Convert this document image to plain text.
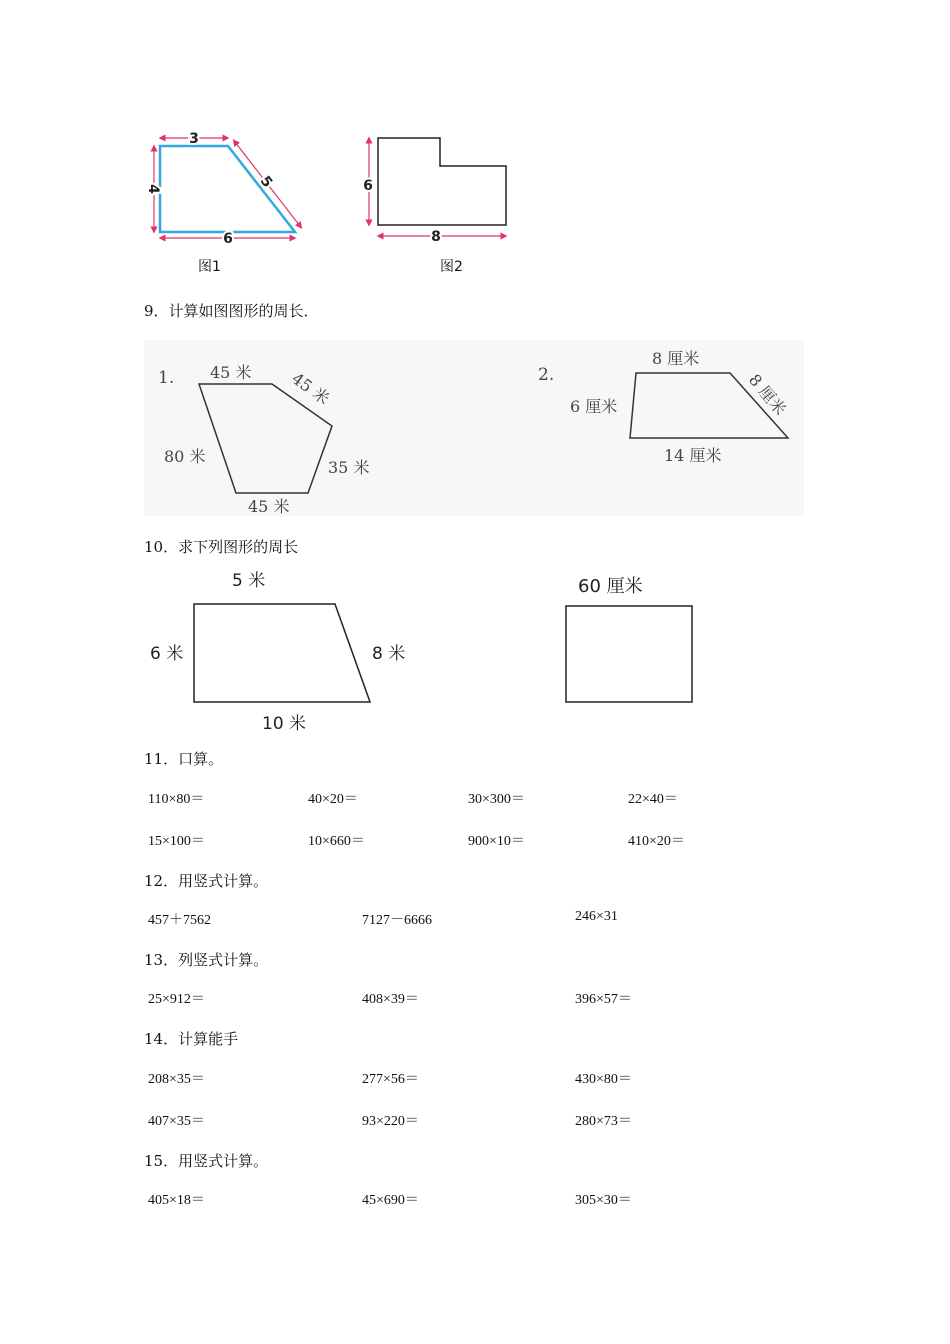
3
4	5
6
6
8
图1	图2
9．计算如图图形的周长．
1. 45 米 45 米
80 米
35 米
45 米
2.
8 厘米
8 厘米
6 厘米
14 厘米
10．求下列图形的周长
5 米
6 米	8 米
10 米
60 厘米
11．口算。
110×80＝	40×20＝	30×300＝	22×40＝
15×100＝	10×660＝	900×10＝	410×20＝
12．用竖式计算。
457＋7562	7127－6666	246×31
13．列竖式计算。
25×912＝	408×39＝	396×57＝
14．计算能手
208×35＝	277×56＝	430×80＝
407×35＝	93×220＝	280×73＝
15．用竖式计算。
405×18＝	45×690＝	305×30＝
